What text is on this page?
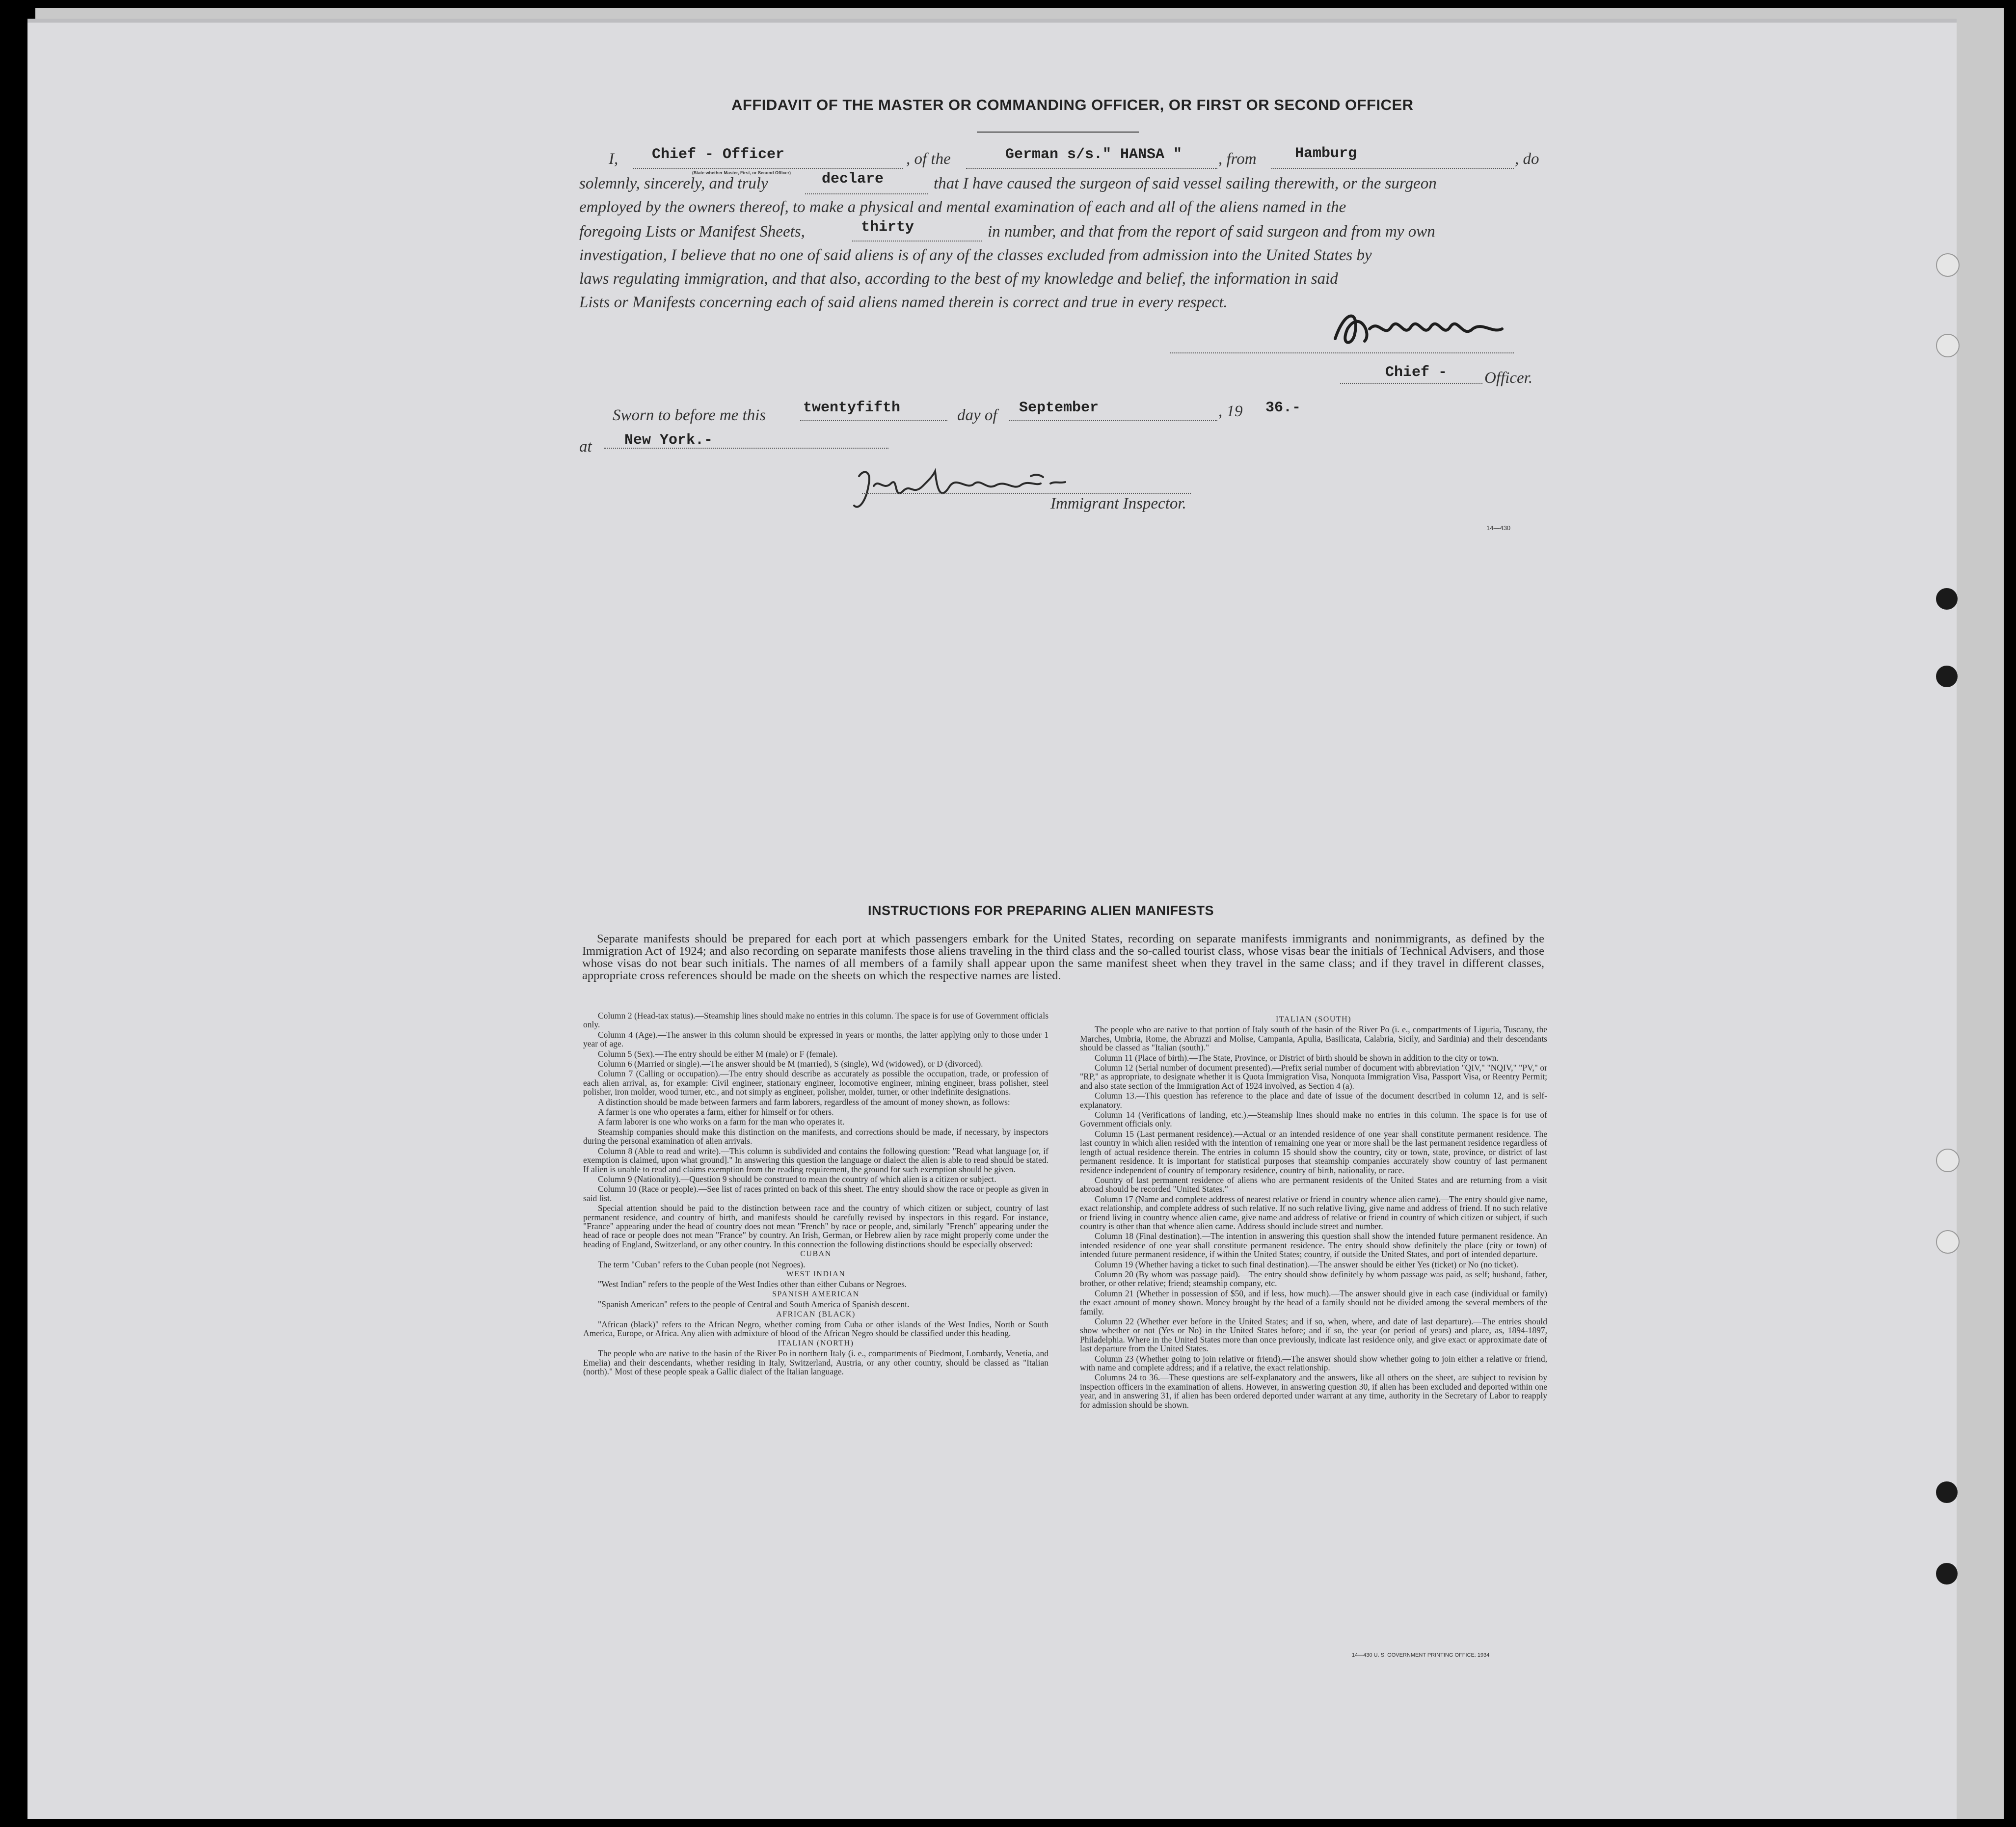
AFFIDAVIT OF THE MASTER OR COMMANDING OFFICER, OR FIRST OR SECOND OFFICER
I, Chief - Officer
(State whether Master, First, or Second Officer)
, of the	German s/s." HANSA " , from	Hamburg	, do
solemnly, sincerely, and truly	declare	that I have caused the surgeon of said vessel sailing therewith, or the surgeon
employed by the owners thereof, to make a physical and mental examination of each and all of the aliens named in the
foregoing Lists or Manifest Sheets,	thirty	in number, and that from the report of said surgeon and from my own
investigation, I believe that no one of said aliens is of any of the classes excluded from admission into the United States by
laws regulating immigration, and that also, according to the best of my knowledge and belief, the information in said
Lists or Manifests concerning each of said aliens named therein is correct and true in every respect.
Chief - Officer.
Sworn to before me this	twentyfifth	day of September	, 19 36.-
at New York.-
Immigrant Inspector.
14—430
INSTRUCTIONS FOR PREPARING ALIEN MANIFESTS

Separate manifests should be prepared for each port at which passengers embark for the United States, recording on separate manifests immigrants and nonimmigrants, as defined by the Immigration Act of 1924; and also recording on separate manifests those aliens traveling in the third class and the so-called tourist class, whose visas bear the initials of Technical Advisers, and those whose visas do not bear such initials. The names of all members of a family shall appear upon the same manifest sheet when they travel in the same class; and if they travel in different classes, appropriate cross references should be made on the sheets on which the respective names are listed.

Column 2 (Head-tax status).—Steamship lines should make no entries in this column. The space is for use of Government officials only.

Column 4 (Age).—The answer in this column should be expressed in years or months, the latter applying only to those under 1 year of age.

Column 5 (Sex).—The entry should be either M (male) or F (female).

Column 6 (Married or single).—The answer should be M (married), S (single), Wd (widowed), or D (divorced).

Column 7 (Calling or occupation).—The entry should describe as accurately as possible the occupation, trade, or profession of each alien arrival, as, for example: Civil engineer, stationary engineer, locomotive engineer, mining engineer, brass polisher, steel polisher, iron molder, wood turner, etc., and not simply as engineer, polisher, molder, turner, or other indefinite designations.

A distinction should be made between farmers and farm laborers, regardless of the amount of money shown, as follows:

A farmer is one who operates a farm, either for himself or for others.

A farm laborer is one who works on a farm for the man who operates it.

Steamship companies should make this distinction on the manifests, and corrections should be made, if necessary, by inspectors during the personal examination of alien arrivals.

Column 8 (Able to read and write).—This column is subdivided and contains the following question: "Read what language [or, if exemption is claimed, upon what ground]." In answering this question the language or dialect the alien is able to read should be stated. If alien is unable to read and claims exemption from the reading requirement, the ground for such exemption should be given.

Column 9 (Nationality).—Question 9 should be construed to mean the country of which alien is a citizen or subject.

Column 10 (Race or people).—See list of races printed on back of this sheet. The entry should show the race or people as given in said list.

Special attention should be paid to the distinction between race and the country of which citizen or subject, country of last permanent residence, and country of birth, and manifests should be carefully revised by inspectors in this regard. For instance, "France" appearing under the head of country does not mean "French" by race or people, and, similarly "French" appearing under the head of race or people does not mean "France" by country. An Irish, German, or Hebrew alien by race might properly come under the heading of England, Switzerland, or any other country. In this connection the following distinctions should be especially observed:

CUBAN

The term "Cuban" refers to the Cuban people (not Negroes).

WEST INDIAN

"West Indian" refers to the people of the West Indies other than either Cubans or Negroes.

SPANISH AMERICAN

"Spanish American" refers to the people of Central and South America of Spanish descent.

AFRICAN (BLACK)

"African (black)" refers to the African Negro, whether coming from Cuba or other islands of the West Indies, North or South America, Europe, or Africa. Any alien with admixture of blood of the African Negro should be classified under this heading.

ITALIAN (NORTH)

The people who are native to the basin of the River Po in northern Italy (i. e., compartments of Piedmont, Lombardy, Venetia, and Emelia) and their descendants, whether residing in Italy, Switzerland, Austria, or any other country, should be classed as "Italian (north)." Most of these people speak a Gallic dialect of the Italian language.

ITALIAN (SOUTH)

The people who are native to that portion of Italy south of the basin of the River Po (i. e., compartments of Liguria, Tuscany, the Marches, Umbria, Rome, the Abruzzi and Molise, Campania, Apulia, Basilicata, Calabria, Sicily, and Sardinia) and their descendants should be classed as "Italian (south)."

Column 11 (Place of birth).—The State, Province, or District of birth should be shown in addition to the city or town.

Column 12 (Serial number of document presented).—Prefix serial number of document with abbreviation "QIV," "NQIV," "PV," or "RP," as appropriate, to designate whether it is Quota Immigration Visa, Nonquota Immigration Visa, Passport Visa, or Reentry Permit; and also state section of the Immigration Act of 1924 involved, as Section 4 (a).

Column 13.—This question has reference to the place and date of issue of the document described in column 12, and is self-explanatory.

Column 14 (Verifications of landing, etc.).—Steamship lines should make no entries in this column. The space is for use of Government officials only.

Column 15 (Last permanent residence).—Actual or an intended residence of one year shall constitute permanent residence. The last country in which alien resided with the intention of remaining one year or more shall be the last permanent residence regardless of length of actual residence therein. The entries in column 15 should show the country, city or town, state, province, or district of last permanent residence. It is important for statistical purposes that steamship companies accurately show country of last permanent residence independent of country of temporary residence, country of birth, nationality, or race.

Country of last permanent residence of aliens who are permanent residents of the United States and are returning from a visit abroad should be recorded "United States."

Column 17 (Name and complete address of nearest relative or friend in country whence alien came).—The entry should give name, exact relationship, and complete address of such relative. If no such relative living, give name and address of friend. If no such relative or friend living in country whence alien came, give name and address of relative or friend in country of which citizen or subject, if such country is other than that whence alien came. Address should include street and number.

Column 18 (Final destination).—The intention in answering this question shall show the intended future permanent residence. An intended residence of one year shall constitute permanent residence. The entry should show definitely the place (city or town) of intended future permanent residence, if within the United States; country, if outside the United States, and port of intended departure.

Column 19 (Whether having a ticket to such final destination).—The answer should be either Yes (ticket) or No (no ticket).

Column 20 (By whom was passage paid).—The entry should show definitely by whom passage was paid, as self; husband, father, brother, or other relative; friend; steamship company, etc.

Column 21 (Whether in possession of $50, and if less, how much).—The answer should give in each case (individual or family) the exact amount of money shown. Money brought by the head of a family should not be divided among the several members of the family.

Column 22 (Whether ever before in the United States; and if so, when, where, and date of last departure).—The entries should show whether or not (Yes or No) in the United States before; and if so, the year (or period of years) and place, as, 1894-1897, Philadelphia. Where in the United States more than once previously, indicate last residence only, and give exact or approximate date of last departure from the United States.

Column 23 (Whether going to join relative or friend).—The answer should show whether going to join either a relative or friend, with name and complete address; and if a relative, the exact relationship.

Columns 24 to 36.—These questions are self-explanatory and the answers, like all others on the sheet, are subject to revision by inspection officers in the examination of aliens. However, in answering question 30, if alien has been excluded and deported within one year, and in answering 31, if alien has been ordered deported under warrant at any time, authority in the Secretary of Labor to reapply for admission should be shown.

14—430 U. S. GOVERNMENT PRINTING OFFICE: 1934
